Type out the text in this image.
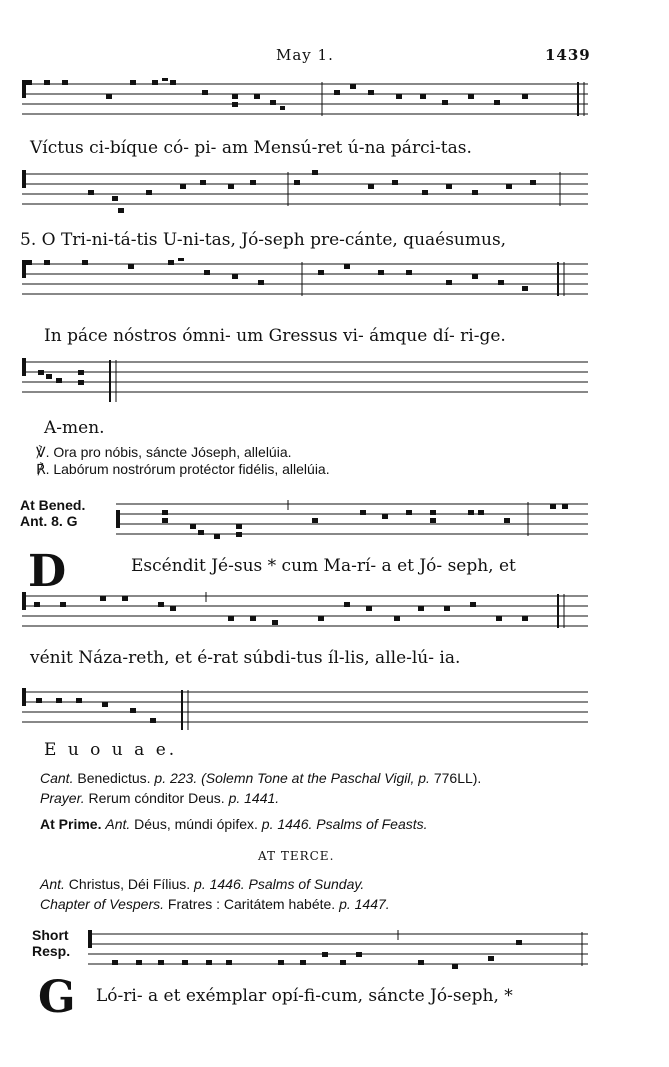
May 1.	1439
Víctus ci-bíque có- pi- am Mensú-ret ú-na párci-tas.
5. O Tri-ni-tá-tis U-ni-tas, Jó-seph pre-cánte, quaésumus,
In páce nóstros ómni- um Gressus vi- ámque dí- ri-ge.
A-men.
℣. Ora pro nóbis, sáncte Jóseph, allelúia.
℟. Labórum nostrórum protéctor fidélis, allelúia.
At Bened.
Ant. 8. G
D	Escéndit Jé-sus * cum Ma-rí- a et Jó- seph, et
vénit Náza-reth, et é-rat súbdi-tus íl-lis, alle-lú- ia.
E u o u a e.
Cant. Benedictus. p. 223. (Solemn Tone at the Paschal Vigil, p. 776LL).
Prayer. Rerum cónditor Deus. p. 1441.
At Prime. Ant. Déus, múndi ópifex. p. 1446. Psalms of Feasts.
AT TERCE.
Ant. Christus, Déi Fílius. p. 1446. Psalms of Sunday.
Chapter of Vespers. Fratres : Caritátem habéte. p. 1447.
Short
Resp.
G Ló-ri- a et exémplar opí-fi-cum, sáncte Jó-seph, *
